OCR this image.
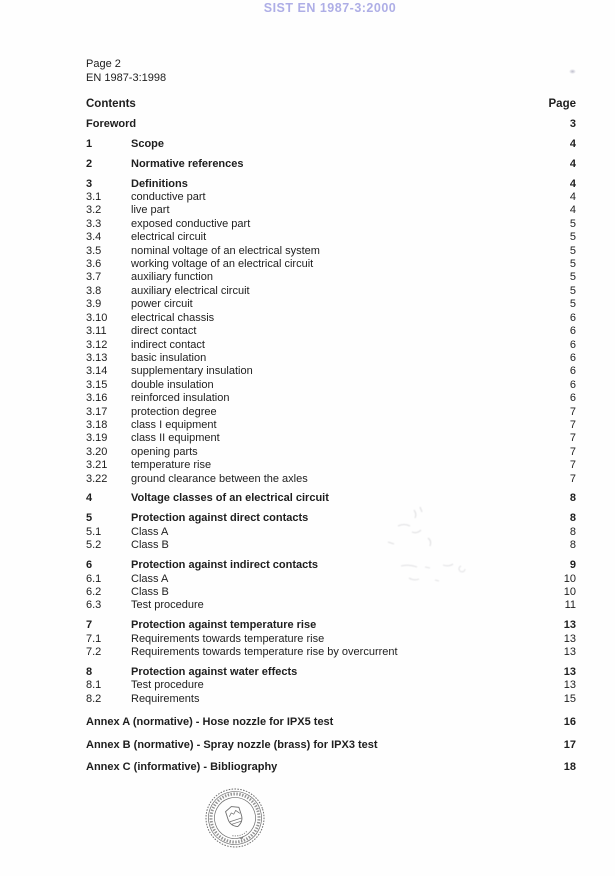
SIST EN 1987-3:2000
Page 2
EN 1987-3:1998
Contents	Page
Foreword	3
1	Scope	4
2	Normative references	4
3	Definitions	4
3.1	conductive part	4
3.2	live part	4
3.3	exposed conductive part	5
3.4	electrical circuit	5
3.5	nominal voltage of an electrical system	5
3.6	working voltage of an electrical circuit	5
3.7	auxiliary function	5
3.8	auxiliary electrical circuit	5
3.9	power circuit	5
3.10	electrical chassis	6
3.11	direct contact	6
3.12	indirect contact	6
3.13	basic insulation	6
3.14	supplementary insulation	6
3.15	double insulation	6
3.16	reinforced insulation	6
3.17	protection degree	7
3.18	class I equipment	7
3.19	class II equipment	7
3.20	opening parts	7
3.21	temperature rise	7
3.22	ground clearance between the axles	7
4	Voltage classes of an electrical circuit	8
5	Protection against direct contacts	8
5.1	Class A	8
5.2	Class B	8
6	Protection against indirect contacts	9
6.1	Class A	10
6.2	Class B	10
6.3	Test procedure	11
7	Protection against temperature rise	13
7.1	Requirements towards temperature rise	13
7.2	Requirements towards temperature rise by overcurrent	13
8	Protection against water effects	13
8.1	Test procedure	13
8.2	Requirements	15
Annex A (normative) - Hose nozzle for IPX5 test	16
Annex B (normative) - Spray nozzle (brass) for IPX3 test	17
Annex C (informative) - Bibliography	18
